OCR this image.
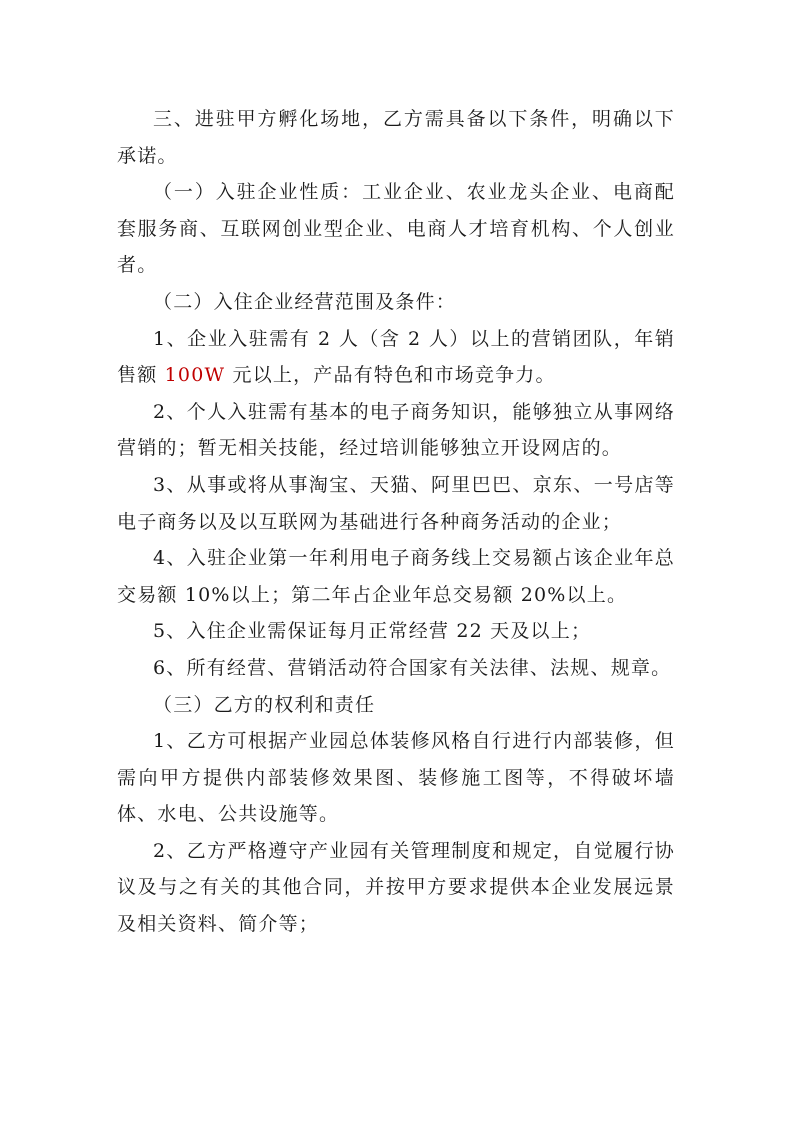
三、进驻甲方孵化场地，乙方需具备以下条件，明确以下承诺。

（一）入驻企业性质：工业企业、农业龙头企业、电商配套服务商、互联网创业型企业、电商人才培育机构、个人创业者。

（二）入住企业经营范围及条件：

1、企业入驻需有 2 人（含 2 人）以上的营销团队，年销售额 100W 元以上，产品有特色和市场竞争力。

2、个人入驻需有基本的电子商务知识，能够独立从事网络营销的；暂无相关技能，经过培训能够独立开设网店的。

3、从事或将从事淘宝、天猫、阿里巴巴、京东、一号店等电子商务以及以互联网为基础进行各种商务活动的企业；

4、入驻企业第一年利用电子商务线上交易额占该企业年总交易额 10%以上；第二年占企业年总交易额 20%以上。

5、入住企业需保证每月正常经营 22 天及以上；

6、所有经营、营销活动符合国家有关法律、法规、规章。

（三）乙方的权利和责任

1、乙方可根据产业园总体装修风格自行进行内部装修，但需向甲方提供内部装修效果图、装修施工图等，不得破坏墙体、水电、公共设施等。

2、乙方严格遵守产业园有关管理制度和规定，自觉履行协议及与之有关的其他合同，并按甲方要求提供本企业发展远景及相关资料、简介等；
